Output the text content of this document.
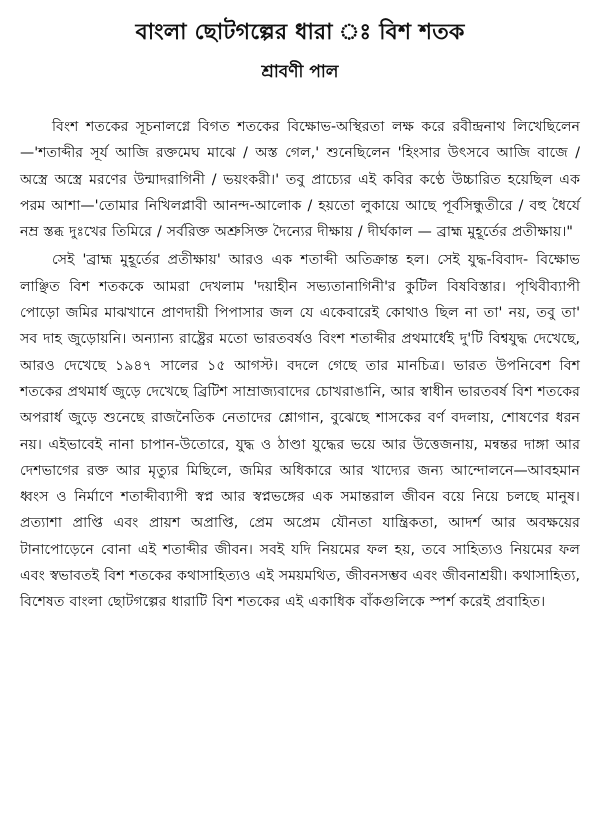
বাংলা ছোটগল্পের ধারা ঃ বিশ শতক
শ্রাবণী পাল

বিংশ শতকের সূচনালগ্নে বিগত শতকের বিক্ষোভ-অস্থিরতা লক্ষ করে রবীন্দ্রনাথ লিখেছিলেন—'শতাব্দীর সূর্য আজি রক্তমেঘ মাঝে / অস্ত গেল,' শুনেছিলেন 'হিংসার উৎসবে আজি বাজে / অস্ত্রে অস্ত্রে মরণের উন্মাদরাগিনী / ভয়ংকরী।' তবু প্রাচ্যের এই কবির কণ্ঠে উচ্চারিত হয়েছিল এক পরম আশা—'তোমার নিখিলপ্লাবী আনন্দ-আলোক / হয়তো লুকায়ে আছে পূর্বসিন্ধুতীরে / বহু ধৈর্যে নম্র স্তব্ধ দুঃখের তিমিরে / সর্বরিক্ত অশ্রুসিক্ত দৈন্যের দীক্ষায় / দীর্ঘকাল — ব্রাহ্ম মুহূর্তের প্রতীক্ষায়।"

সেই 'ব্রাহ্ম মুহূর্তের প্রতীক্ষায়' আরও এক শতাব্দী অতিক্রান্ত হল। সেই যুদ্ধ-বিবাদ- বিক্ষোভ লাঞ্ছিত বিশ শতককে আমরা দেখলাম 'দয়াহীন সভ্যতানাগিনী'র কুটিল বিষবিস্তার। পৃথিবীব্যাপী পোড়ো জমির মাঝখানে প্রাণদায়ী পিপাসার জল যে একেবারেই কোথাও ছিল না তা' নয়, তবু তা' সব দাহ জুড়োয়নি। অন্যান্য রাষ্ট্রের মতো ভারতবর্ষও বিংশ শতাব্দীর প্রথমার্ধেই দু'টি বিশ্বযুদ্ধ দেখেছে, আরও দেখেছে ১৯৪৭ সালের ১৫ আগস্ট। বদলে গেছে তার মানচিত্র। ভারত উপনিবেশ বিশ শতকের প্রথমার্ধ জুড়ে দেখেছে ব্রিটিশ সাম্রাজ্যবাদের চোখরাঙানি, আর স্বাধীন ভারতবর্ষ বিশ শতকের অপরার্ধ জুড়ে শুনেছে রাজনৈতিক নেতাদের শ্লোগান, বুঝেছে শাসকের বর্ণ বদলায়, শোষণের ধরন নয়। এইভাবেই নানা চাপান-উতোরে, যুদ্ধ ও ঠাণ্ডা যুদ্ধের ভয়ে আর উত্তেজনায়, মন্বন্তর দাঙ্গা আর দেশভাগের রক্ত আর মৃত্যুর মিছিলে, জমির অধিকারে আর খাদ্যের জন্য আন্দোলনে—আবহমান ধ্বংস ও নির্মাণে শতাব্দীব্যাপী স্বপ্ন আর স্বপ্নভঙ্গের এক সমান্তরাল জীবন বয়ে নিয়ে চলছে মানুষ। প্রত্যাশা প্রাপ্তি এবং প্রায়শ অপ্রাপ্তি, প্রেম অপ্রেম যৌনতা যান্ত্রিকতা, আদর্শ আর অবক্ষয়ের টানাপোড়েনে বোনা এই শতাব্দীর জীবন। সবই যদি নিয়মের ফল হয়, তবে সাহিত্যও নিয়মের ফল এবং স্বভাবতই বিশ শতকের কথাসাহিত্যও এই সময়মথিত, জীবনসম্ভব এবং জীবনাশ্রয়ী। কথাসাহিত্য, বিশেষত বাংলা ছোটগল্পের ধারাটি বিশ শতকের এই একাধিক বাঁকগুলিকে স্পর্শ করেই প্রবাহিত।
